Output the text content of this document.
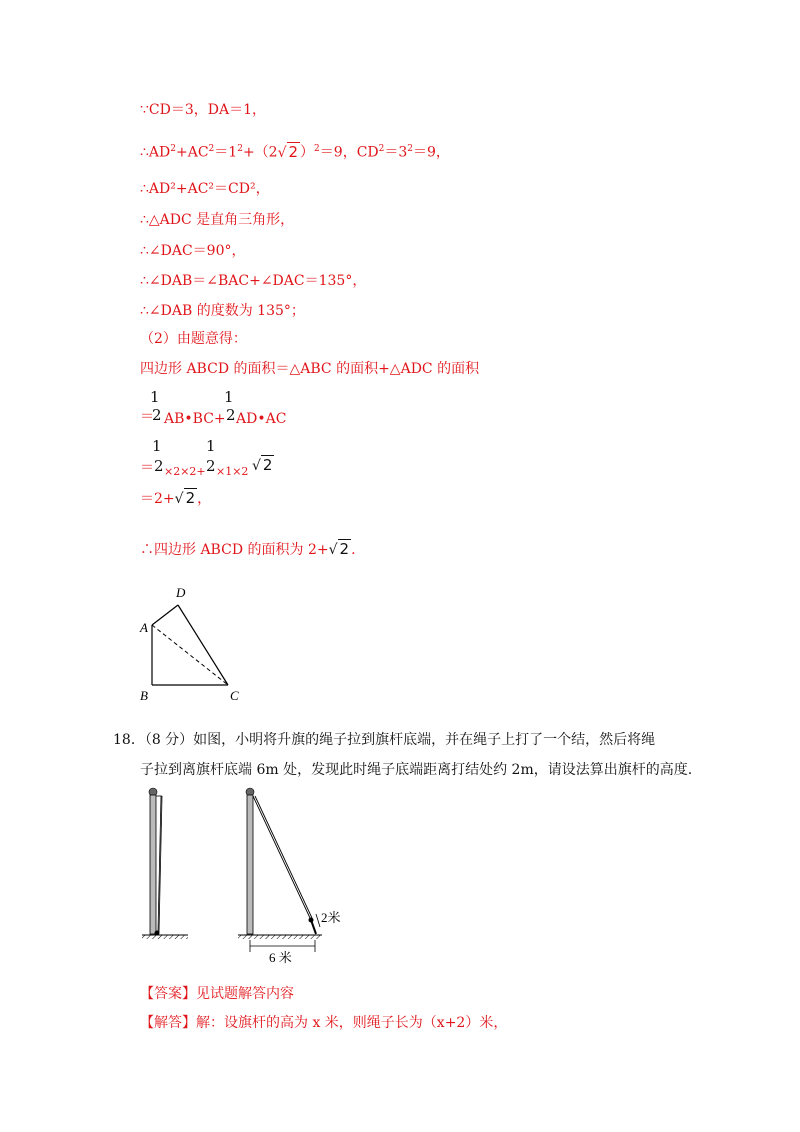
∵CD＝3，DA＝1，
$\therefore AD^2+AC^2=1^2+(2√$ 2 ）$^2$＝9，$CD^2=3^2=9$，
∴AD²+AC²＝CD²，
∴△ADC 是直角三角形，
∴∠DAC＝90°，
∴∠DAB＝∠BAC+∠DAC＝135°，
∴∠DAB 的度数为 135°；
（2）由题意得：
四边形 ABCD 的面积＝△ABC 的面积+△ADC 的面积
1	1
＝
2 AB•BC+ 2 AD•AC
1	1
＝ 2 ×2×2+ 2 ×1×2 √ 2
＝2+√ 2 ，
∴四边形 ABCD 的面积为 2+√ 2 .
A
B	C
D
18．（8 分）如图，小明将升旗的绳子拉到旗杆底端，并在绳子上打了一个结，然后将绳
子拉到离旗杆底端 6m 处，发现此时绳子底端距离打结处约 2m，请设法算出旗杆的高度.
2米
6 米
【答案】见试题解答内容
【解答】解：设旗杆的高为 x 米，则绳子长为（x+2）米，
